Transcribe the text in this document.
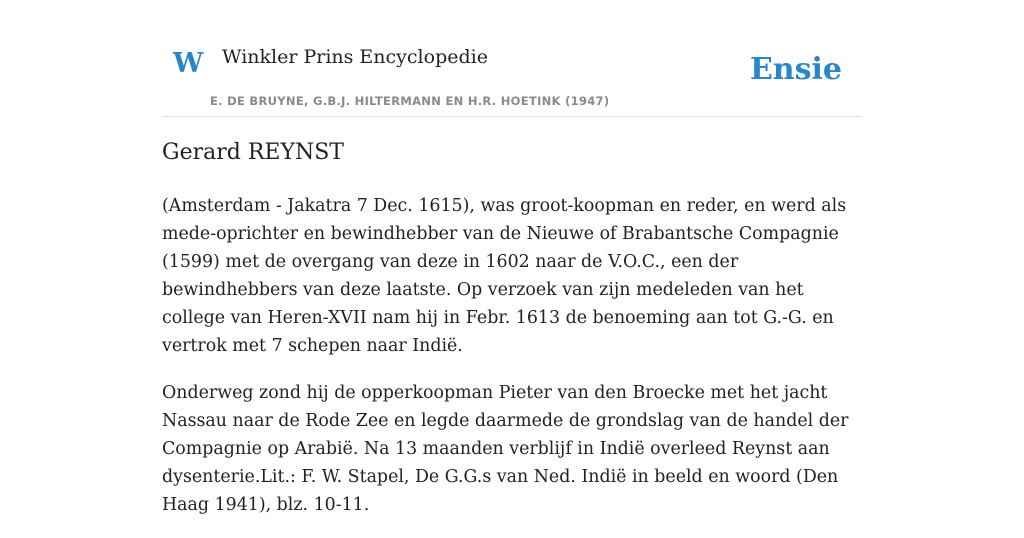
W Winkler Prins Encyclopedie
E. DE BRUYNE, G.B.J. HILTERMANN EN H.R. HOETINK (1947)
Ensie
Gerard REYNST

(Amsterdam - Jakatra 7 Dec. 1615), was groot-koopman en reder, en werd als mede-oprichter en bewindhebber van de Nieuwe of Brabantsche Compagnie (1599) met de overgang van deze in 1602 naar de V.O.C., een der bewindhebbers van deze laatste. Op verzoek van zijn medeleden van het college van Heren-XVII nam hij in Febr. 1613 de benoeming aan tot G.-G. en vertrok met 7 schepen naar Indië.

Onderweg zond hij de opperkoopman Pieter van den Broecke met het jacht Nassau naar de Rode Zee en legde daarmede de grondslag van de handel der Compagnie op Arabië. Na 13 maanden verblijf in Indië overleed Reynst aan dysenterie.Lit.: F. W. Stapel, De G.G.s van Ned. Indië in beeld en woord (Den Haag 1941), blz. 10-11.
